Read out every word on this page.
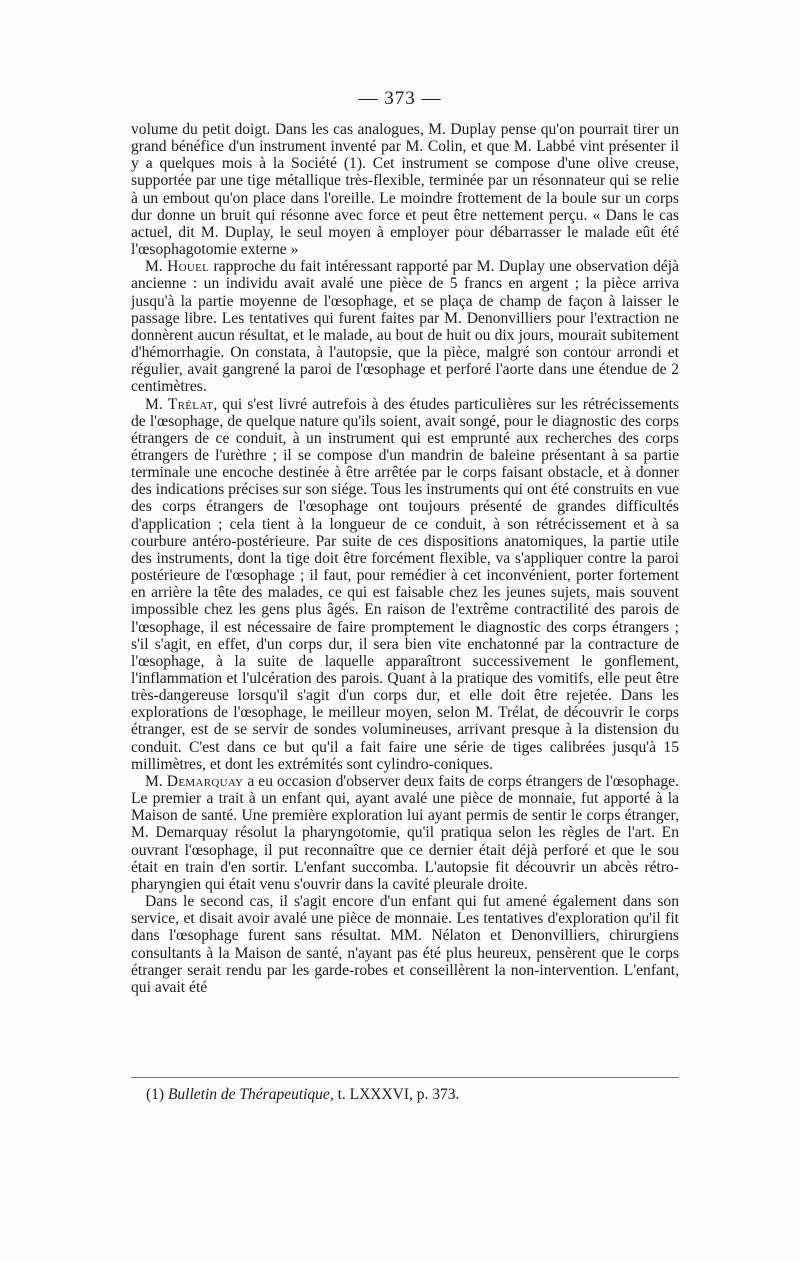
— 373 —

volume du petit doigt. Dans les cas analogues, M. Duplay pense qu'on pourrait tirer un grand bénéfice d'un instrument inventé par M. Colin, et que M. Labbé vint présenter il y a quelques mois à la Société (1). Cet instrument se compose d'une olive creuse, supportée par une tige métallique très-flexible, terminée par un résonnateur qui se relie à un embout qu'on place dans l'oreille. Le moindre frottement de la boule sur un corps dur donne un bruit qui résonne avec force et peut être nettement perçu. « Dans le cas actuel, dit M. Duplay, le seul moyen à employer pour débarrasser le malade eût été l'œsophagotomie externe »

M. Houel rapproche du fait intéressant rapporté par M. Duplay une observation déjà ancienne : un individu avait avalé une pièce de 5 francs en argent ; la pièce arriva jusqu'à la partie moyenne de l'œsophage, et se plaça de champ de façon à laisser le passage libre. Les tentatives qui furent faites par M. Denonvilliers pour l'extraction ne donnèrent aucun résultat, et le malade, au bout de huit ou dix jours, mourait subitement d'hémorrhagie. On constata, à l'autopsie, que la pièce, malgré son contour arrondi et régulier, avait gangrené la paroi de l'œsophage et perforé l'aorte dans une étendue de 2 centimètres.

M. Trélat, qui s'est livré autrefois à des études particulières sur les rétrécissements de l'œsophage, de quelque nature qu'ils soient, avait songé, pour le diagnostic des corps étrangers de ce conduit, à un instrument qui est emprunté aux recherches des corps étrangers de l'urèthre ; il se compose d'un mandrin de baleine présentant à sa partie terminale une encoche destinée à être arrêtée par le corps faisant obstacle, et à donner des indications précises sur son siége. Tous les instruments qui ont été construits en vue des corps étrangers de l'œsophage ont toujours présenté de grandes difficultés d'application ; cela tient à la longueur de ce conduit, à son rétrécissement et à sa courbure antéro-postérieure. Par suite de ces dispositions anatomiques, la partie utile des instruments, dont la tige doit être forcément flexible, va s'appliquer contre la paroi postérieure de l'œsophage ; il faut, pour remédier à cet inconvénient, porter fortement en arrière la tête des malades, ce qui est faisable chez les jeunes sujets, mais souvent impossible chez les gens plus âgés. En raison de l'extrême contractilité des parois de l'œsophage, il est nécessaire de faire promptement le diagnostic des corps étrangers ; s'il s'agit, en effet, d'un corps dur, il sera bien vite enchatonné par la contracture de l'œsophage, à la suite de laquelle apparaîtront successivement le gonflement, l'inflammation et l'ulcération des parois. Quant à la pratique des vomitifs, elle peut être très-dangereuse lorsqu'il s'agit d'un corps dur, et elle doit être rejetée. Dans les explorations de l'œsophage, le meilleur moyen, selon M. Trélat, de découvrir le corps étranger, est de se servir de sondes volumineuses, arrivant presque à la distension du conduit. C'est dans ce but qu'il a fait faire une série de tiges calibrées jusqu'à 15 millimètres, et dont les extrémités sont cylindro-coniques.

M. Demarquay a eu occasion d'observer deux faits de corps étrangers de l'œsophage. Le premier a trait à un enfant qui, ayant avalé une pièce de monnaie, fut apporté à la Maison de santé. Une première exploration lui ayant permis de sentir le corps étranger, M. Demarquay résolut la pharyngotomie, qu'il pratiqua selon les règles de l'art. En ouvrant l'œsophage, il put reconnaître que ce dernier était déjà perforé et que le sou était en train d'en sortir. L'enfant succomba. L'autopsie fit découvrir un abcès rétro-pharyngien qui était venu s'ouvrir dans la cavité pleurale droite.

Dans le second cas, il s'agit encore d'un enfant qui fut amené également dans son service, et disait avoir avalé une pièce de monnaie. Les tentatives d'exploration qu'il fit dans l'œsophage furent sans résultat. MM. Nélaton et Denonvilliers, chirurgiens consultants à la Maison de santé, n'ayant pas été plus heureux, pensèrent que le corps étranger serait rendu par les garde-robes et conseillèrent la non-intervention. L'enfant, qui avait été

(1) Bulletin de Thérapeutique, t. LXXXVI, p. 373.
